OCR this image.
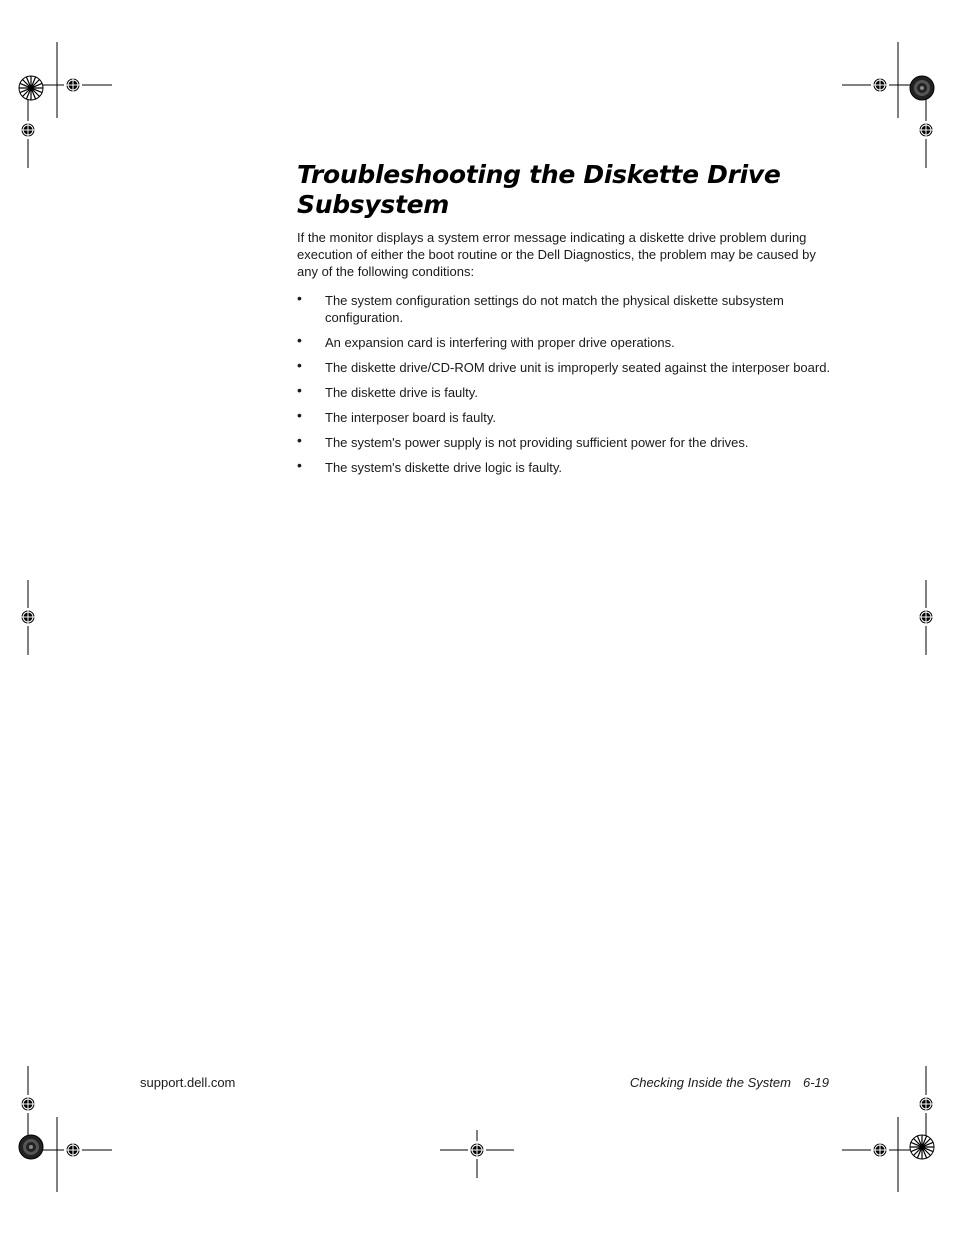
Troubleshooting the Diskette Drive Subsystem

If the monitor displays a system error message indicating a diskette drive problem during execution of either the boot routine or the Dell Diagnostics, the problem may be caused by any of the following conditions:

• The system configuration settings do not match the physical diskette subsystem configuration.
• An expansion card is interfering with proper drive operations.
• The diskette drive/CD-ROM drive unit is improperly seated against the interposer board.
• The diskette drive is faulty.
• The interposer board is faulty.
• The system's power supply is not providing sufficient power for the drives.
• The system's diskette drive logic is faulty.
support.dell.com	Checking Inside the System 6-19
